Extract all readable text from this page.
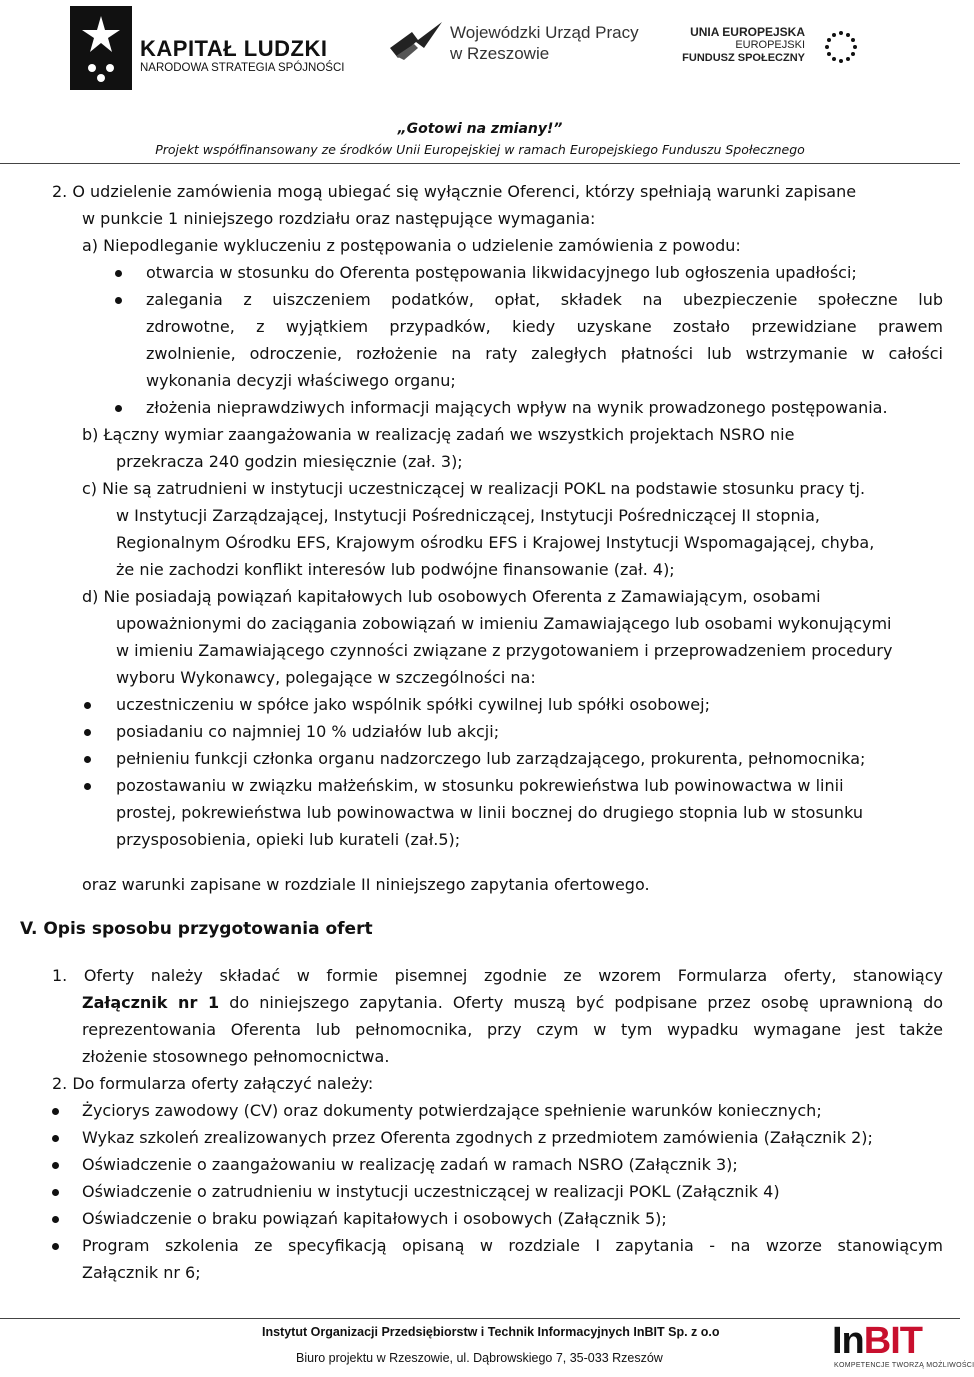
KAPITAŁ LUDZKI
NARODOWA STRATEGIA SPÓJNOŚCI
Wojewódzki Urząd Pracy
w Rzeszowie
UNIA EUROPEJSKA
EUROPEJSKI
FUNDUSZ SPOŁECZNY
„Gotowi na zmiany!”
Projekt współfinansowany ze środków Unii Europejskiej w ramach Europejskiego Funduszu Społecznego
2. O udzielenie zamówienia mogą ubiegać się wyłącznie Oferenci, którzy spełniają warunki zapisane
w punkcie 1 niniejszego rozdziału oraz następujące wymagania:
a) Niepodleganie wykluczeniu z postępowania o udzielenie zamówienia z powodu:
otwarcia w stosunku do Oferenta postępowania likwidacyjnego lub ogłoszenia upadłości;
zalegania z uiszczeniem podatków, opłat, składek na ubezpieczenie społeczne lub
zdrowotne, z wyjątkiem przypadków, kiedy uzyskane zostało przewidziane prawem
zwolnienie, odroczenie, rozłożenie na raty zaległych płatności lub wstrzymanie w całości
wykonania decyzji właściwego organu;
złożenia nieprawdziwych informacji mających wpływ na wynik prowadzonego postępowania.
b) Łączny wymiar zaangażowania w realizację zadań we wszystkich projektach NSRO nie
przekracza 240 godzin miesięcznie (zał. 3);
c) Nie są zatrudnieni w instytucji uczestniczącej w realizacji POKL na podstawie stosunku pracy tj.
w Instytucji Zarządzającej, Instytucji Pośredniczącej, Instytucji Pośredniczącej II stopnia,
Regionalnym Ośrodku EFS, Krajowym ośrodku EFS i Krajowej Instytucji Wspomagającej, chyba,
że nie zachodzi konflikt interesów lub podwójne finansowanie (zał. 4);
d) Nie posiadają powiązań kapitałowych lub osobowych Oferenta z Zamawiającym, osobami
upoważnionymi do zaciągania zobowiązań w imieniu Zamawiającego lub osobami wykonującymi
w imieniu Zamawiającego czynności związane z przygotowaniem i przeprowadzeniem procedury
wyboru Wykonawcy, polegające w szczególności na:
uczestniczeniu w spółce jako wspólnik spółki cywilnej lub spółki osobowej;
posiadaniu co najmniej 10 % udziałów lub akcji;
pełnieniu funkcji członka organu nadzorczego lub zarządzającego, prokurenta, pełnomocnika;
pozostawaniu w związku małżeńskim, w stosunku pokrewieństwa lub powinowactwa w linii
prostej, pokrewieństwa lub powinowactwa w linii bocznej do drugiego stopnia lub w stosunku
przysposobienia, opieki lub kurateli (zał.5);
oraz warunki zapisane w rozdziale II niniejszego zapytania ofertowego.
V. Opis sposobu przygotowania ofert
1. Oferty należy składać w formie pisemnej zgodnie ze wzorem Formularza oferty, stanowiący
Załącznik nr 1 do niniejszego zapytania. Oferty muszą być podpisane przez osobę uprawnioną do
reprezentowania Oferenta lub pełnomocnika, przy czym w tym wypadku wymagane jest także
złożenie stosownego pełnomocnictwa.
2. Do formularza oferty załączyć należy:
Życiorys zawodowy (CV) oraz dokumenty potwierdzające spełnienie warunków koniecznych;
Wykaz szkoleń zrealizowanych przez Oferenta zgodnych z przedmiotem zamówienia (Załącznik 2);
Oświadczenie o zaangażowaniu w realizację zadań w ramach NSRO (Załącznik 3);
Oświadczenie o zatrudnieniu w instytucji uczestniczącej w realizacji POKL (Załącznik 4)
Oświadczenie o braku powiązań kapitałowych i osobowych (Załącznik 5);
Program szkolenia ze specyfikacją opisaną w rozdziale I zapytania - na wzorze stanowiącym
Załącznik nr 6;
Instytut Organizacji Przedsiębiorstw i Technik Informacyjnych InBIT Sp. z o.o
Biuro projektu w Rzeszowie, ul. Dąbrowskiego 7, 35-033 Rzeszów	InBIT
KOMPETENCJE TWORZĄ MOŻLIWOŚCI
